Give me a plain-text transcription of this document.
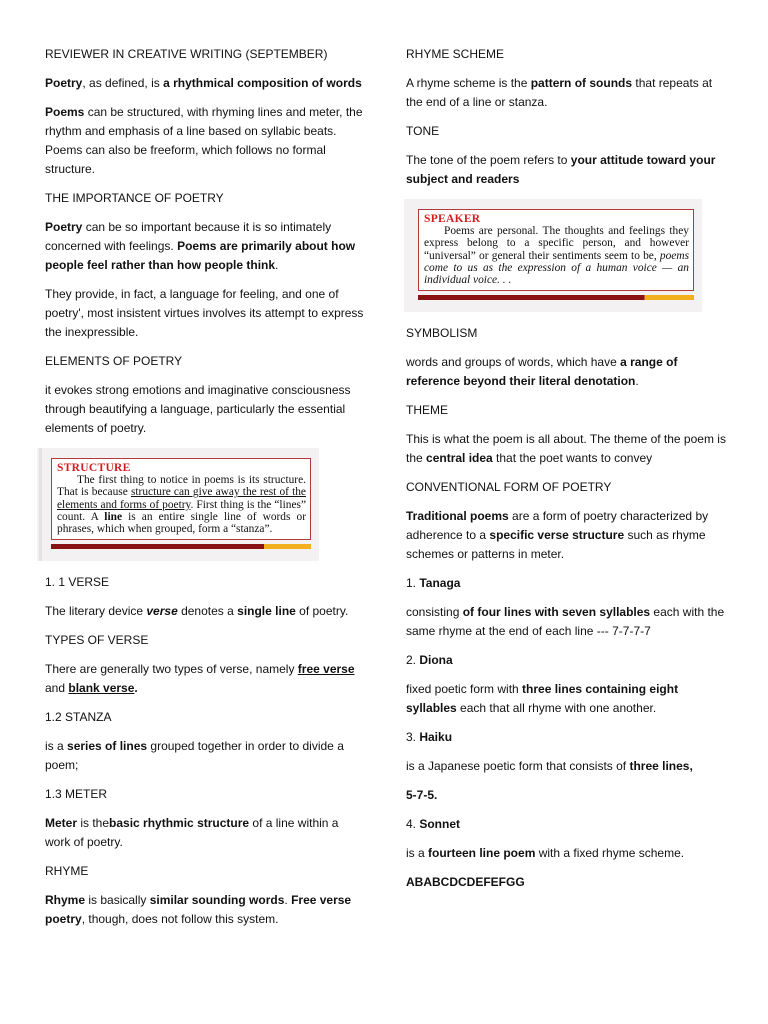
REVIEWER IN CREATIVE WRITING (SEPTEMBER)

Poetry, as defined, is a rhythmical composition of words

Poems can be structured, with rhyming lines and meter, the rhythm and emphasis of a line based on syllabic beats. Poems can also be freeform, which follows no formal structure.

THE IMPORTANCE OF POETRY

Poetry can be so important because it is so intimately concerned with feelings. Poems are primarily about how people feel rather than how people think.

They provide, in fact, a language for feeling, and one of poetry', most insistent virtues involves its attempt to express the inexpressible.

ELEMENTS OF POETRY

it evokes strong emotions and imaginative consciousness through beautifying a language, particularly the essential elements of poetry.

STRUCTURE
The first thing to notice in poems is its structure. That is because structure can give away the rest of the elements and forms of poetry. First thing is the “lines” count. A line is an entire single line of words or phrases, which when grouped, form a “stanza”.

1. 1 VERSE

The literary device verse denotes a single line of poetry.

TYPES OF VERSE

There are generally two types of verse, namely free verse and blank verse.

1.2 STANZA

is a series of lines grouped together in order to divide a poem;

1.3 METER

Meter is thebasic rhythmic structure of a line within a work of poetry.

RHYME

Rhyme is basically similar sounding words. Free verse poetry, though, does not follow this system.

RHYME SCHEME

A rhyme scheme is the pattern of sounds that repeats at the end of a line or stanza.

TONE

The tone of the poem refers to your attitude toward your subject and readers

SPEAKER
Poems are personal. The thoughts and feelings they express belong to a specific person, and however “universal” or general their sentiments seem to be, poems come to us as the expression of a human voice — an individual voice. . .

SYMBOLISM

words and groups of words, which have a range of reference beyond their literal denotation.

THEME

This is what the poem is all about. The theme of the poem is the central idea that the poet wants to convey

CONVENTIONAL FORM OF POETRY

Traditional poems are a form of poetry characterized by adherence to a specific verse structure such as rhyme schemes or patterns in meter.

1. Tanaga

consisting of four lines with seven syllables each with the same rhyme at the end of each line --- 7-7-7-7

2. Diona

fixed poetic form with three lines containing eight syllables each that all rhyme with one another.

3. Haiku

is a Japanese poetic form that consists of three lines,

5-7-5.

4. Sonnet

is a fourteen line poem with a fixed rhyme scheme.

ABABCDCDEFEFGG
